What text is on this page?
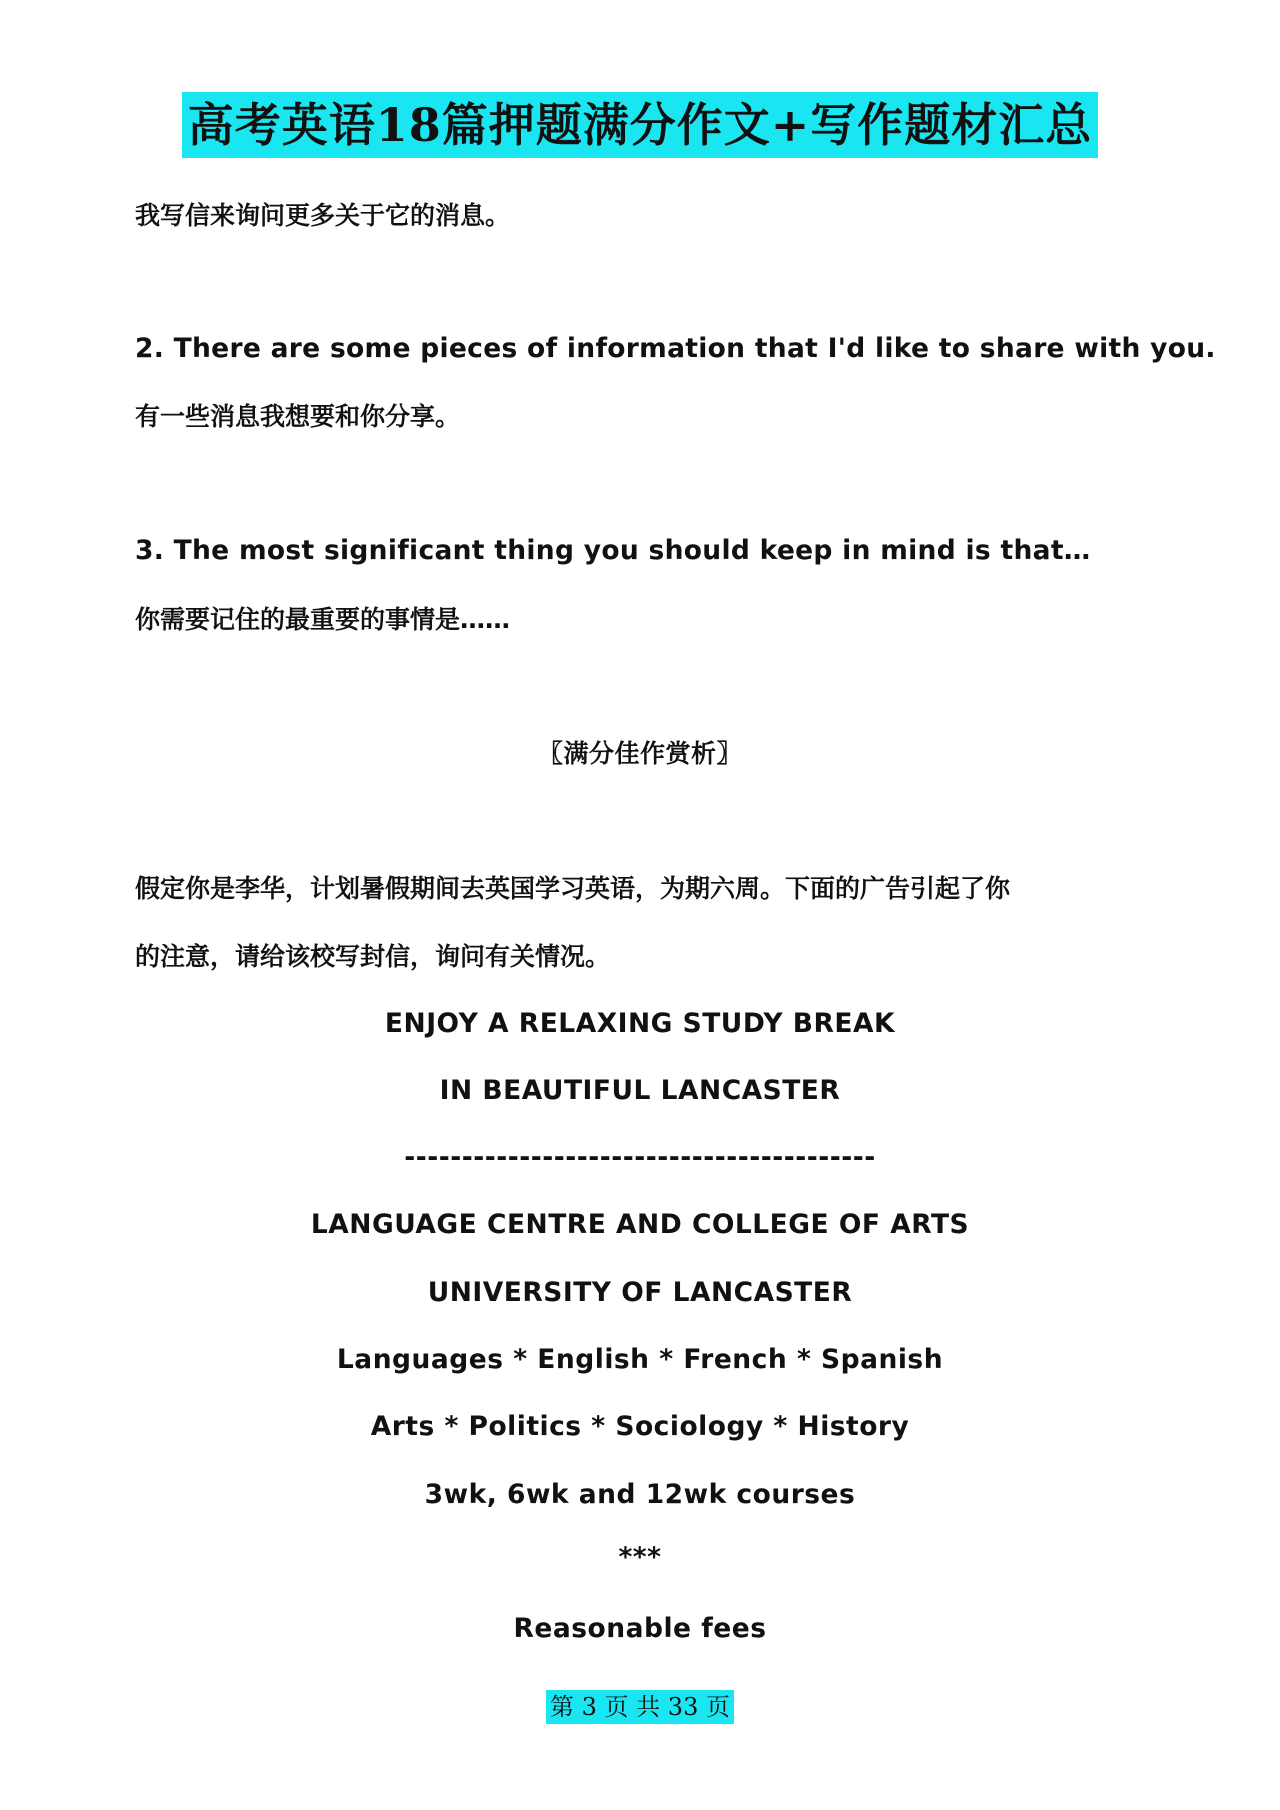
高考英语18篇押题满分作文+写作题材汇总
我写信来询问更多关于它的消息。
2. There are some pieces of information that I'd like to share with you.
有一些消息我想要和你分享。
3. The most significant thing you should keep in mind is that…
你需要记住的最重要的事情是……
〖满分佳作赏析〗
假定你是李华，计划暑假期间去英国学习英语，为期六周。下面的广告引起了你
的注意，请给该校写封信，询问有关情况。
ENJOY A RELAXING STUDY BREAK
IN BEAUTIFUL LANCASTER
-----------------------------------------
LANGUAGE CENTRE AND COLLEGE OF ARTS
UNIVERSITY OF LANCASTER
Languages * English * French * Spanish
Arts * Politics * Sociology * History
3wk, 6wk and 12wk courses
***
Reasonable fees
第 3 页 共 33 页
